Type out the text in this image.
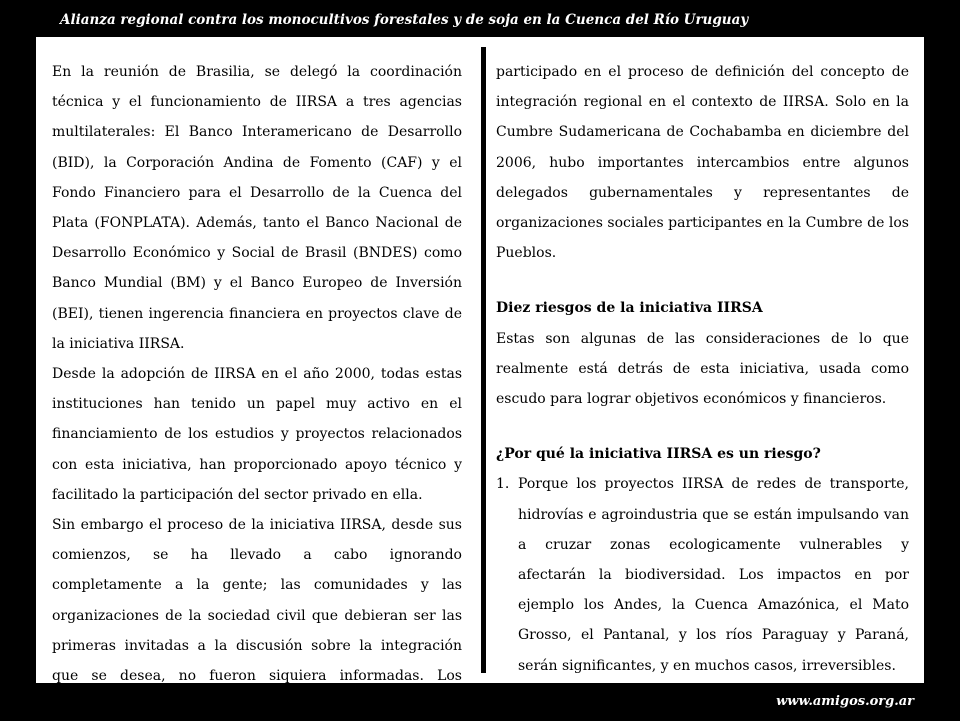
Alianza regional contra los monocultivos forestales y de soja en la Cuenca del Río Uruguay

En la reunión de Brasilia, se delegó la coordinación técnica y el funcionamiento de IIRSA a tres agencias multilaterales: El Banco Interamericano de Desarrollo (BID), la Corporación Andina de Fomento (CAF) y el Fondo Financiero para el Desarrollo de la Cuenca del Plata (FONPLATA). Además, tanto el Banco Nacional de Desarrollo Económico y Social de Brasil (BNDES) como Banco Mundial (BM) y el Banco Europeo de Inversión (BEI), tienen ingerencia financiera en proyectos clave de la iniciativa IIRSA.

Desde la adopción de IIRSA en el año 2000, todas estas instituciones han tenido un papel muy activo en el financiamiento de los estudios y proyectos relacionados con esta iniciativa, han proporcionado apoyo técnico y facilitado la participación del sector privado en ella.

Sin embargo el proceso de la iniciativa IIRSA, desde sus comienzos, se ha llevado a cabo ignorando completamente a la gente; las comunidades y las organizaciones de la sociedad civil que debieran ser las primeras invitadas a la discusión sobre la integración que se desea, no fueron siquiera informadas. Los ciudadanos de la región no han

participado en el proceso de definición del concepto de integración regional en el contexto de IIRSA. Solo en la Cumbre Sudamericana de Cochabamba en diciembre del 2006, hubo importantes intercambios entre algunos delegados gubernamentales y representantes de organizaciones sociales participantes en la Cumbre de los Pueblos.

Diez riesgos de la iniciativa IIRSA

Estas son algunas de las consideraciones de lo que realmente está detrás de esta iniciativa, usada como escudo para lograr objetivos económicos y financieros.

¿Por qué la iniciativa IIRSA es un riesgo?

1. Porque los proyectos IIRSA de redes de transporte, hidrovías e agroindustria que se están impulsando van a cruzar zonas ecologicamente vulnerables y afectarán la biodiversidad. Los impactos en por ejemplo los Andes, la Cuenca Amazónica, el Mato Grosso, el Pantanal, y los ríos Paraguay y Paraná, serán significantes, y en muchos casos, irreversibles.
www.amigos.org.ar
